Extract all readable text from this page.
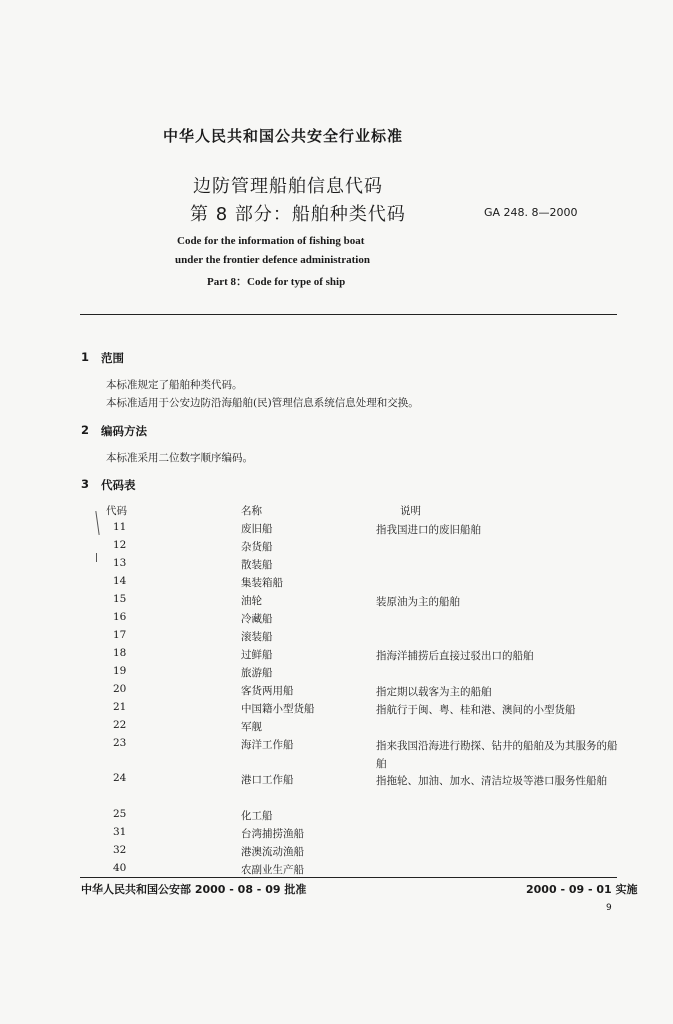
中华人民共和国公共安全行业标准
边防管理船舶信息代码
第 8 部分：船舶种类代码	GA 248. 8—2000
Code for the information of fishing boat
under the frontier defence administration
Part 8：Code for type of ship
1 范围
本标准规定了船舶种类代码。
本标准适用于公安边防沿海船舶(民)管理信息系统信息处理和交换。
2 编码方法
本标准采用二位数字顺序编码。
3 代码表
代码	名称	说明
11	废旧船	指我国进口的废旧船舶
12	杂货船
13	散装船
14	集装箱船
15	油轮	装原油为主的船舶
16	冷藏船
17	滚装船
18	过鲜船	指海洋捕捞后直接过驳出口的船舶
19	旅游船
20	客货两用船	指定期以载客为主的船舶
21	中国籍小型货船	指航行于闽、粤、桂和港、澳间的小型货船
22	军舰
23	海洋工作船	指来我国沿海进行勘探、钻井的船舶及为其服务的船舶
24	港口工作船	指拖轮、加油、加水、清洁垃圾等港口服务性船舶
25	化工船
31	台湾捕捞渔船
32	港澳流动渔船
40	农副业生产船
中华人民共和国公安部 2000 - 08 - 09 批准	2000 - 09 - 01 实施
9
